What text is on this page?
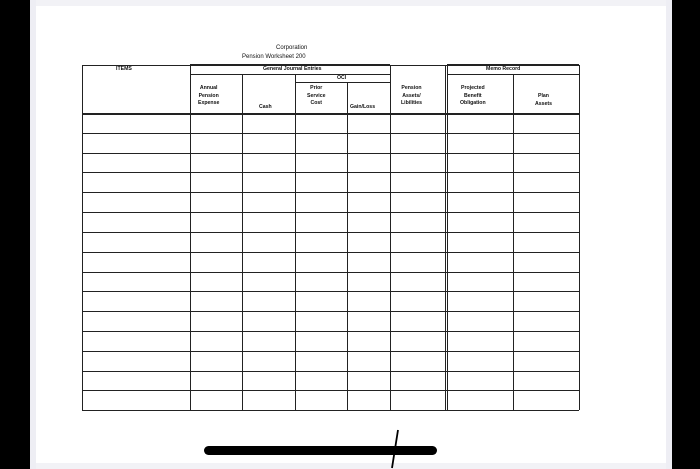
Corporation
Pension Worksheet 200
ITEMS	General Journal Entries
OCI
Memo Record
Annual
Pension
Expense
Cash
Prior
Service
Cost
Gain/Loss
Pension
Assets/
Libilities
Projected
Benefit
Obligation
Plan
Assets
